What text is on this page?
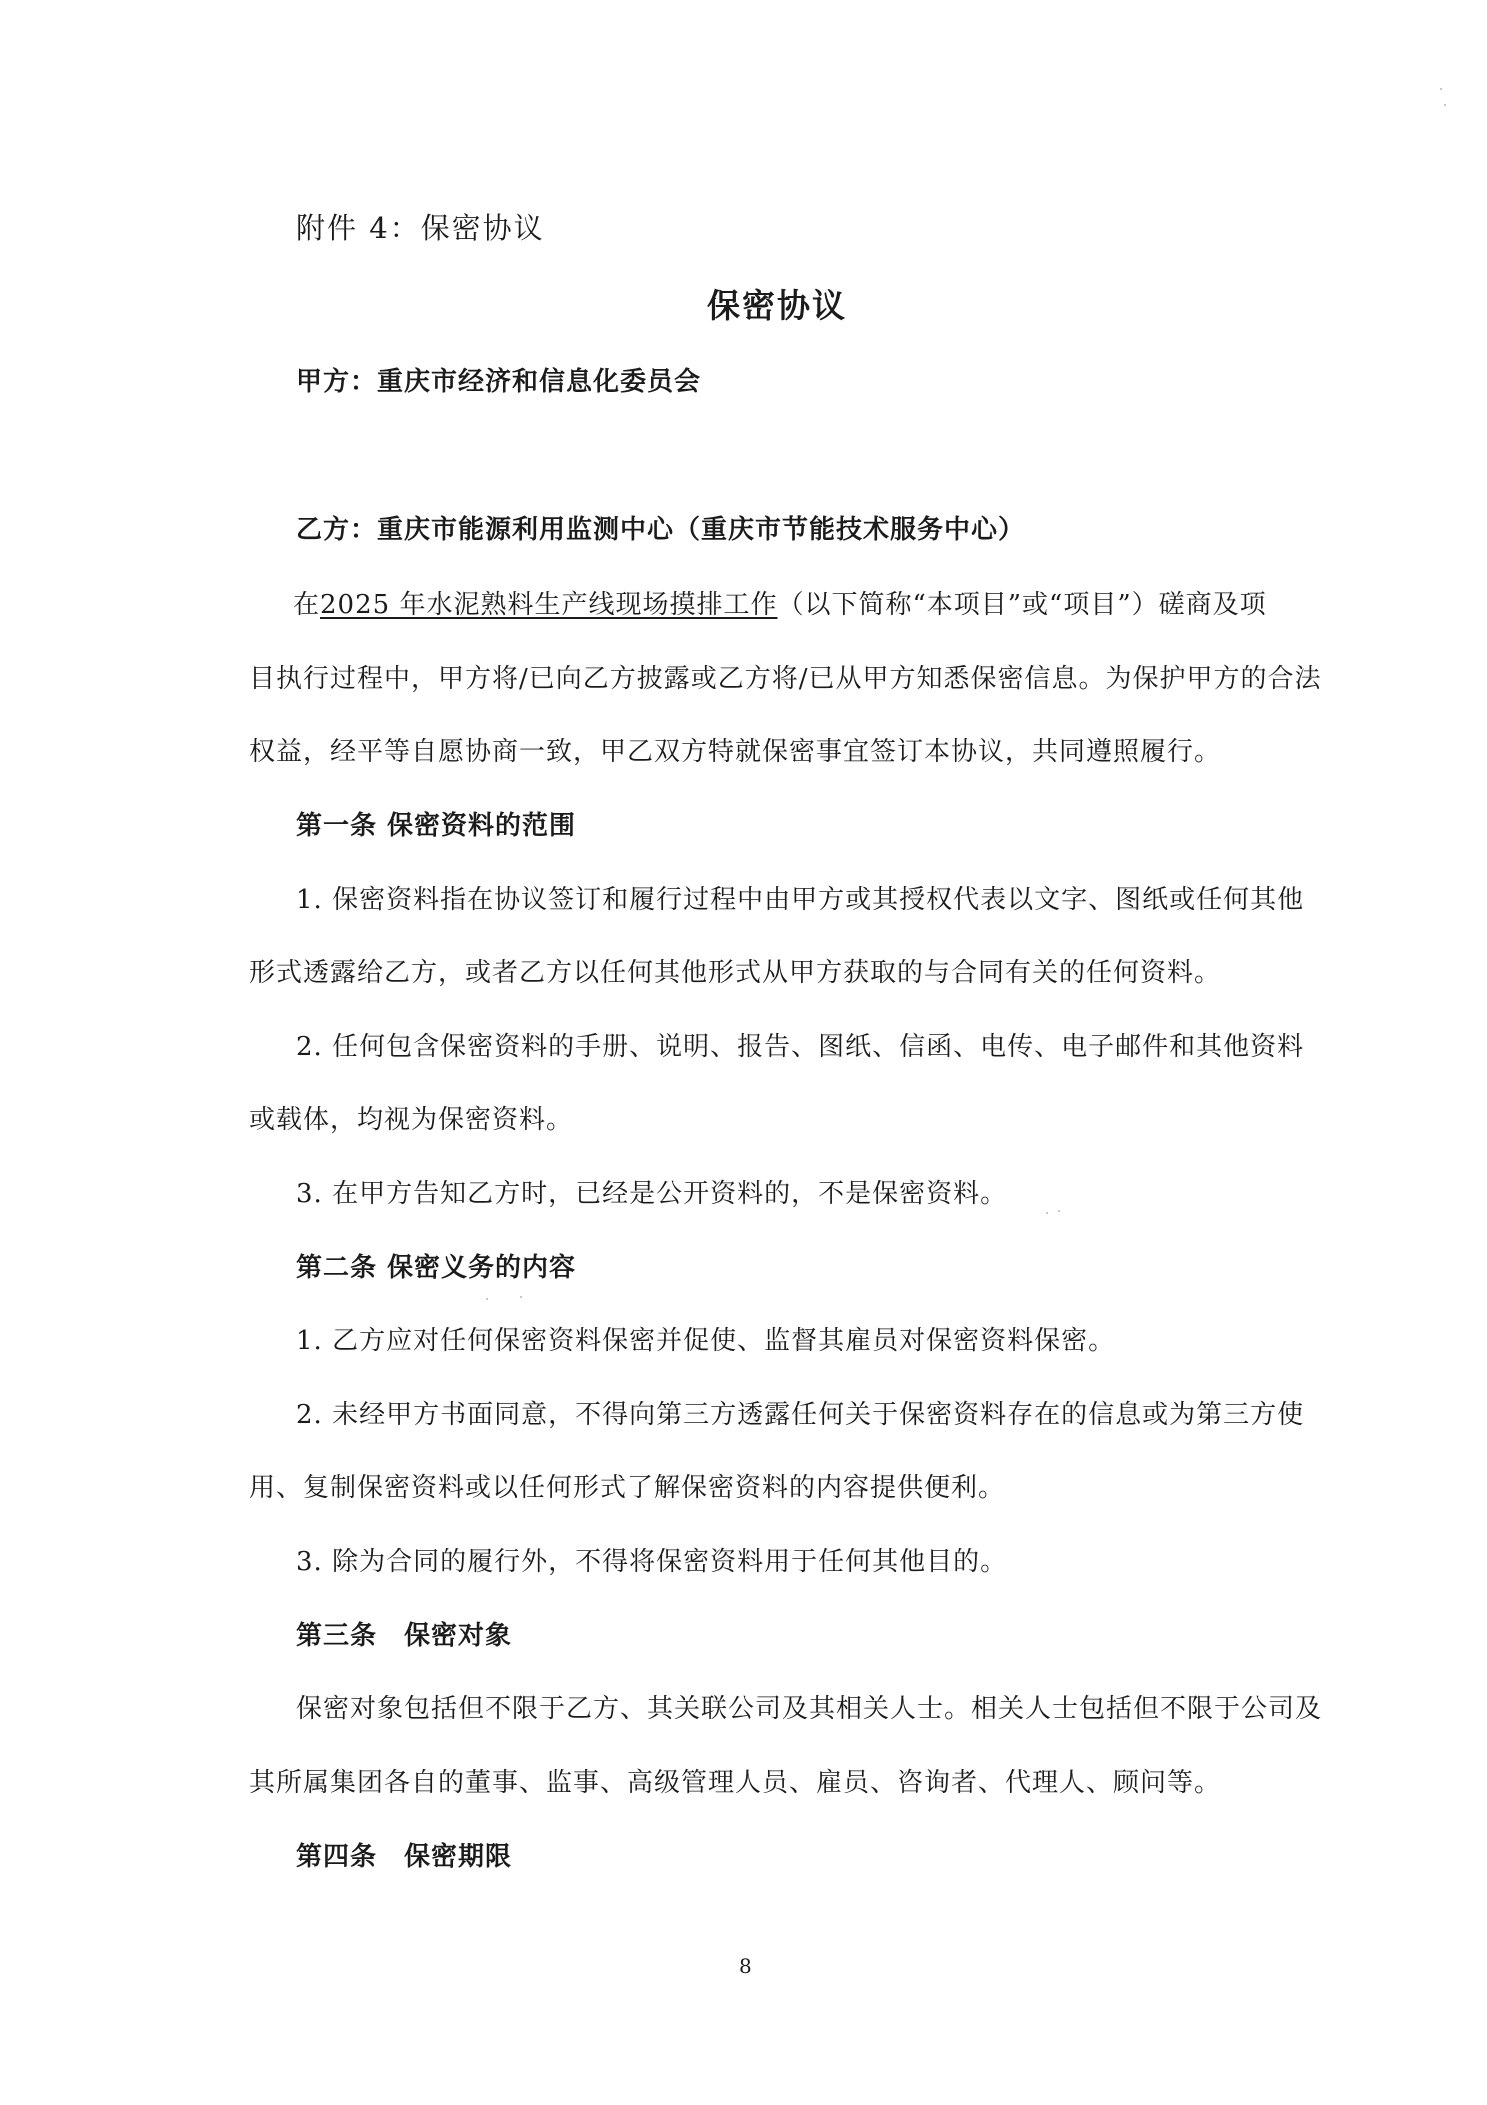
附件 4：保密协议
保密协议
甲方：重庆市经济和信息化委员会
乙方：重庆市能源利用监测中心（重庆市节能技术服务中心）
在2025 年水泥熟料生产线现场摸排工作（以下简称“本项目”或“项目”）磋商及项
目执行过程中，甲方将/已向乙方披露或乙方将/已从甲方知悉保密信息。为保护甲方的合法
权益，经平等自愿协商一致，甲乙双方特就保密事宜签订本协议，共同遵照履行。
第一条 保密资料的范围
1. 保密资料指在协议签订和履行过程中由甲方或其授权代表以文字、图纸或任何其他
形式透露给乙方，或者乙方以任何其他形式从甲方获取的与合同有关的任何资料。
2. 任何包含保密资料的手册、说明、报告、图纸、信函、电传、电子邮件和其他资料
或载体，均视为保密资料。
3. 在甲方告知乙方时，已经是公开资料的，不是保密资料。
第二条 保密义务的内容
1. 乙方应对任何保密资料保密并促使、监督其雇员对保密资料保密。
2. 未经甲方书面同意，不得向第三方透露任何关于保密资料存在的信息或为第三方使
用、复制保密资料或以任何形式了解保密资料的内容提供便利。
3. 除为合同的履行外，不得将保密资料用于任何其他目的。
第三条　保密对象
保密对象包括但不限于乙方、其关联公司及其相关人士。相关人士包括但不限于公司及
其所属集团各自的董事、监事、高级管理人员、雇员、咨询者、代理人、顾问等。
第四条　保密期限
8
